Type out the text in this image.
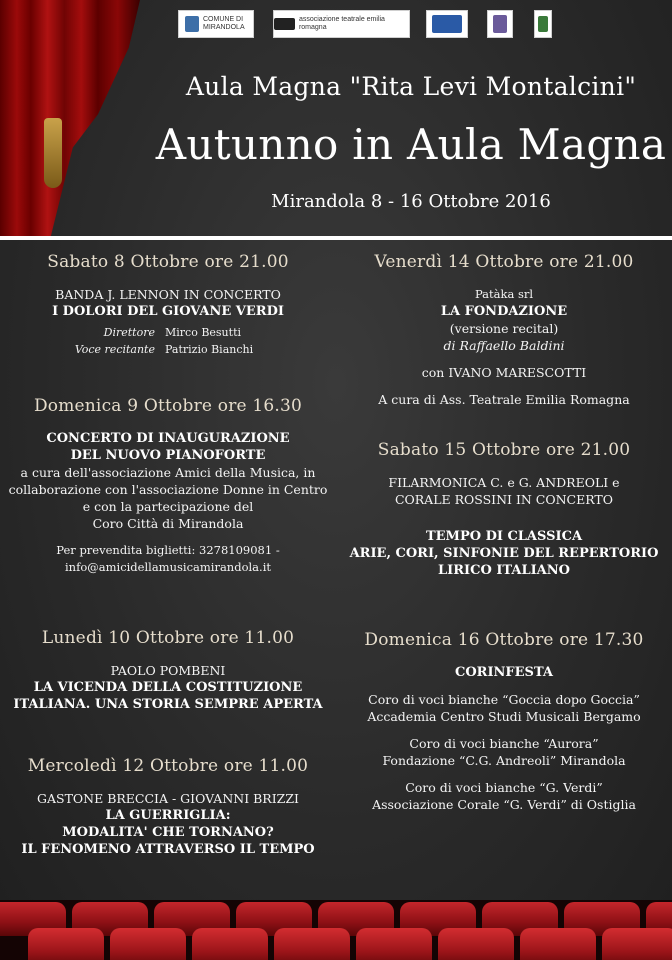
COMUNE DI MIRANDOLA
associazione teatrale emilia romagna
Aula Magna "Rita Levi Montalcini"
Autunno in Aula Magna
Mirandola 8 - 16 Ottobre 2016
Sabato 8 Ottobre ore 21.00
BANDA J. LENNON IN CONCERTO
I DOLORI DEL GIOVANE VERDI
Direttore Mirco Besutti
Voce recitante Patrizio Bianchi
Domenica 9 Ottobre ore 16.30
CONCERTO DI INAUGURAZIONE
DEL NUOVO PIANOFORTE
a cura dell'associazione Amici della Musica, in
collaborazione con l'associazione Donne in Centro
e con la partecipazione del
Coro Città di Mirandola
Per prevendita biglietti: 3278109081 -
info@amicidellamusicamirandola.it
Lunedì 10 Ottobre ore 11.00
PAOLO POMBENI
LA VICENDA DELLA COSTITUZIONE
ITALIANA. UNA STORIA SEMPRE APERTA
Mercoledì 12 Ottobre ore 11.00
GASTONE BRECCIA - GIOVANNI BRIZZI
LA GUERRIGLIA:
MODALITA' CHE TORNANO?
IL FENOMENO ATTRAVERSO IL TEMPO
Venerdì 14 Ottobre ore 21.00
Patàka srl
LA FONDAZIONE
(versione recital)
di Raffaello Baldini
con IVANO MARESCOTTI
A cura di Ass. Teatrale Emilia Romagna
Sabato 15 Ottobre ore 21.00
FILARMONICA C. e G. ANDREOLI e
CORALE ROSSINI IN CONCERTO
TEMPO DI CLASSICA
ARIE, CORI, SINFONIE DEL REPERTORIO
LIRICO ITALIANO
Domenica 16 Ottobre ore 17.30
CORINFESTA
Coro di voci bianche “Goccia dopo Goccia”
Accademia Centro Studi Musicali Bergamo
Coro di voci bianche “Aurora”
Fondazione “C.G. Andreoli” Mirandola
Coro di voci bianche “G. Verdi”
Associazione Corale “G. Verdi” di Ostiglia
